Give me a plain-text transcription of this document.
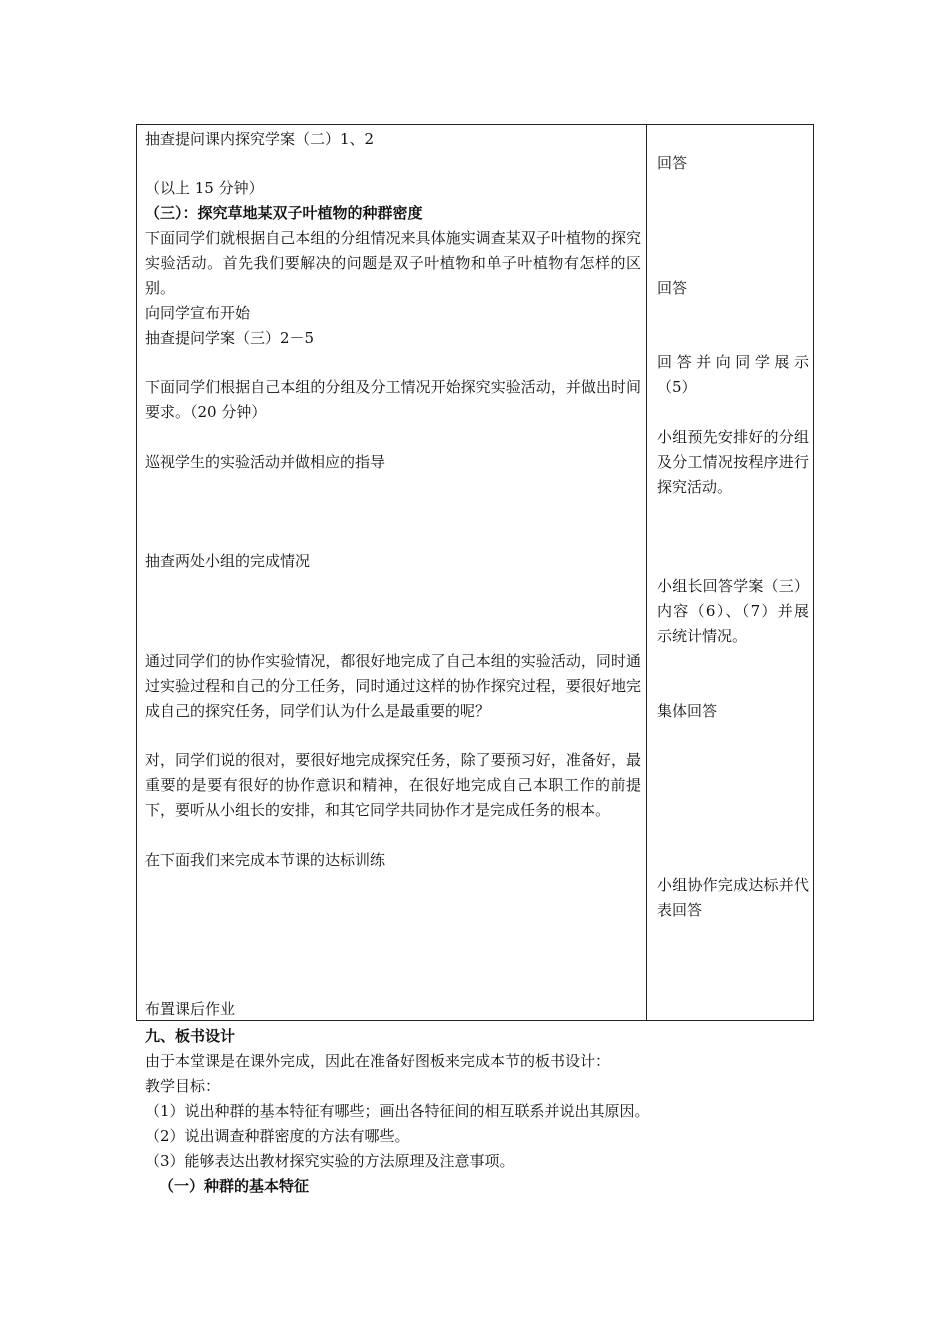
抽查提问课内探究学案（二）1、2
（以上 15 分钟）
（三）：探究草地某双子叶植物的种群密度
下面同学们就根据自己本组的分组情况来具体施实调查某双子叶植物的探究实验活动。首先我们要解决的问题是双子叶植物和单子叶植物有怎样的区别。
向同学宣布开始
抽查提问学案（三）2－5
下面同学们根据自己本组的分组及分工情况开始探究实验活动，并做出时间要求。（20 分钟）
巡视学生的实验活动并做相应的指导
抽查两处小组的完成情况
通过同学们的协作实验情况，都很好地完成了自己本组的实验活动，同时通过实验过程和自己的分工任务，同时通过这样的协作探究过程，要很好地完成自己的探究任务，同学们认为什么是最重要的呢？
对，同学们说的很对，要很好地完成探究任务，除了要预习好，准备好，最重要的是要有很好的协作意识和精神，在很好地完成自己本职工作的前提下，要听从小组长的安排，和其它同学共同协作才是完成任务的根本。
在下面我们来完成本节课的达标训练
布置课后作业
回答
回答
回答并向同学展示（5）
小组预先安排好的分组及分工情况按程序进行探究活动。
小组长回答学案（三）内容（6）、（7）并展示统计情况。
集体回答
小组协作完成达标并代表回答
九、板书设计
由于本堂课是在课外完成，因此在准备好图板来完成本节的板书设计：
教学目标：
（1）说出种群的基本特征有哪些；画出各特征间的相互联系并说出其原因。
（2）说出调查种群密度的方法有哪些。
（3）能够表达出教材探究实验的方法原理及注意事项。
（一）种群的基本特征
